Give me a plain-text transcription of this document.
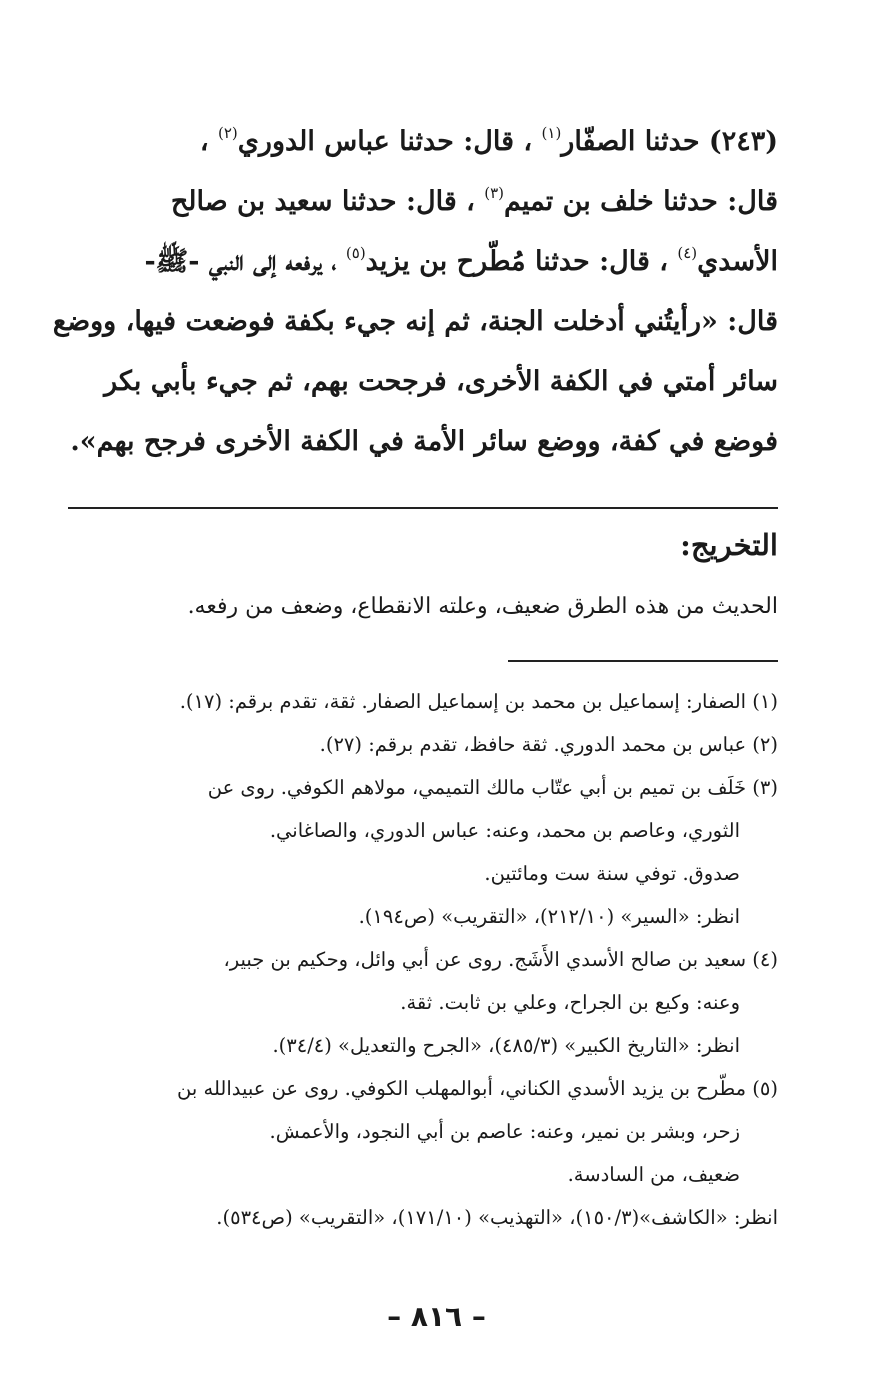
(٢٤٣) حدثنا الصفّار$^{(١)}$ ، قال: حدثنا عباس الدوري$^{(٢)}$ ،

قال: حدثنا خلف بن تميم$^{(٣)}$ ، قال: حدثنا سعيد بن صالح

الأسدي$^{(٤)}$ ، قال: حدثنا مُطّرح بن يزيد$^{(٥)}$ ، يرفعه إلى النبي -ﷺ-

قال: «رأيتُني أدخلت الجنة، ثم إنه جيء بكفة فوضعت فيها، ووضع

سائر أمتي في الكفة الأخرى، فرجحت بهم، ثم جيء بأبي بكر

فوضع في كفة، ووضع سائر الأمة في الكفة الأخرى فرجح بهم».

التخريج:

الحديث من هذه الطرق ضعيف، وعلته الانقطاع، وضعف من رفعه.

(١) الصفار: إسماعيل بن محمد بن إسماعيل الصفار. ثقة، تقدم برقم: (١٧).

(٢) عباس بن محمد الدوري. ثقة حافظ، تقدم برقم: (٢٧).

(٣) خَلَف بن تميم بن أبي عتّاب مالك التميمي، مولاهم الكوفي. روى عن

الثوري، وعاصم بن محمد، وعنه: عباس الدوري، والصاغاني.

صدوق. توفي سنة ست ومائتين.

انظر: «السير» (٢١٢/١٠)، «التقريب» (ص١٩٤).

(٤) سعيد بن صالح الأسدي الأَشَج. روى عن أبي وائل، وحكيم بن جبير،

وعنه: وكيع بن الجراح، وعلي بن ثابت. ثقة.

انظر: «التاريخ الكبير» (٤٨٥/٣)، «الجرح والتعديل» (٣٤/٤).

(٥) مطّرح بن يزيد الأسدي الكناني، أبوالمهلب الكوفي. روى عن عبيدالله بن

زحر، وبشر بن نمير، وعنه: عاصم بن أبي النجود، والأعمش.

ضعيف، من السادسة.

انظر: «الكاشف»(١٥٠/٣)، «التهذيب» (١٧١/١٠)، «التقريب» (ص٥٣٤).

– ٨١٦ –
